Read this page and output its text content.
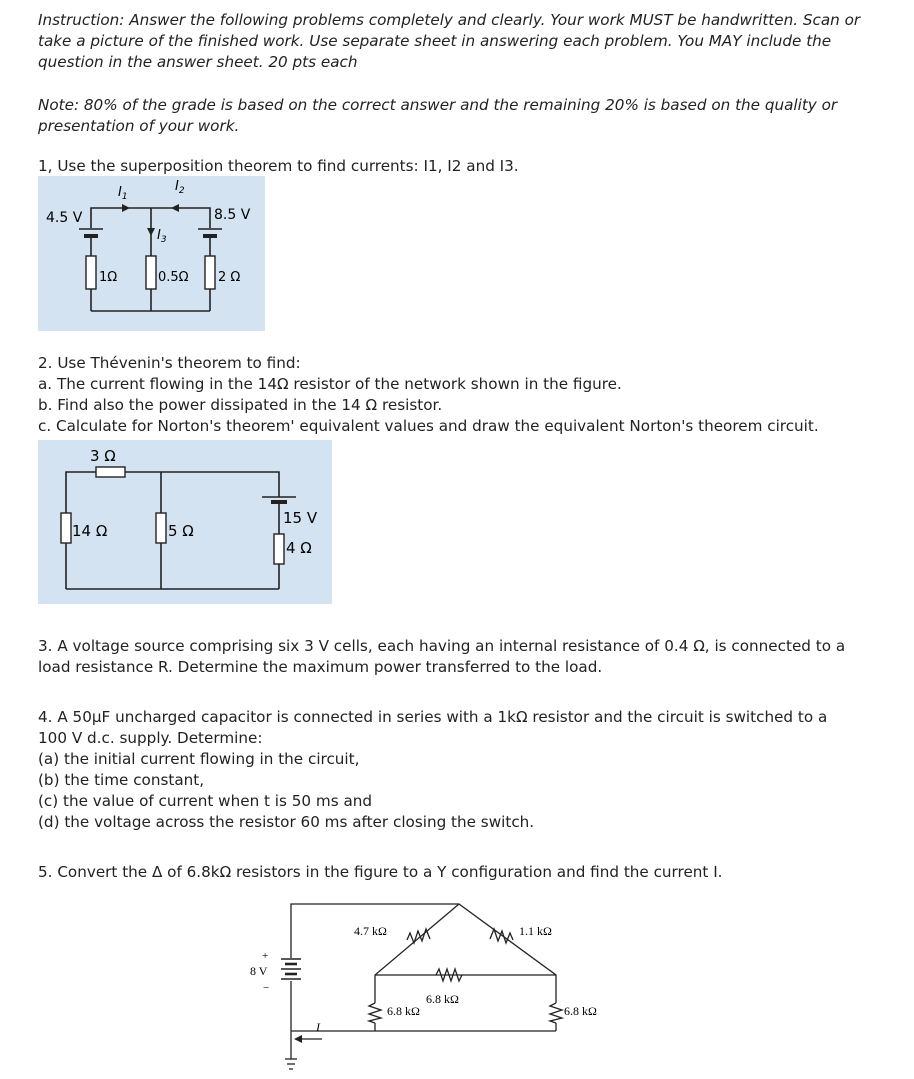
Instruction: Answer the following problems completely and clearly. Your work MUST be handwritten. Scan or take a picture of the finished work. Use separate sheet in answering each problem. You MAY include the question in the answer sheet. 20 pts each
Note: 80% of the grade is based on the correct answer and the remaining 20% is based on the quality or presentation of your work.
1, Use the superposition theorem to find currents: I1, I2 and I3.
$I_1$
$I_2$
$I_3$
4.5 V	8.5 V
1Ω	0.5Ω 2 Ω
2. Use Thévenin's theorem to find:
a. The current flowing in the 14Ω resistor of the network shown in the figure.
b. Find also the power dissipated in the 14 Ω resistor.
c. Calculate for Norton's theorem' equivalent values and draw the equivalent Norton's theorem circuit.
3 Ω
14 Ω	5 Ω
15 V
4 Ω
3. A voltage source comprising six 3 V cells, each having an internal resistance of 0.4 Ω, is connected to a load resistance R. Determine the maximum power transferred to the load.
4. A 50μF uncharged capacitor is connected in series with a 1kΩ resistor and the circuit is switched to a
100 V d.c. supply. Determine:
(a) the initial current flowing in the circuit,
(b) the time constant,
(c) the value of current when t is 50 ms and
(d) the voltage across the resistor 60 ms after closing the switch.
5. Convert the Δ of 6.8kΩ resistors in the figure to a Y configuration and find the current I.
4.7 kΩ	1.1 kΩ
6.8 kΩ
6.8 kΩ	6.8 kΩ
8 V
+
−
I
